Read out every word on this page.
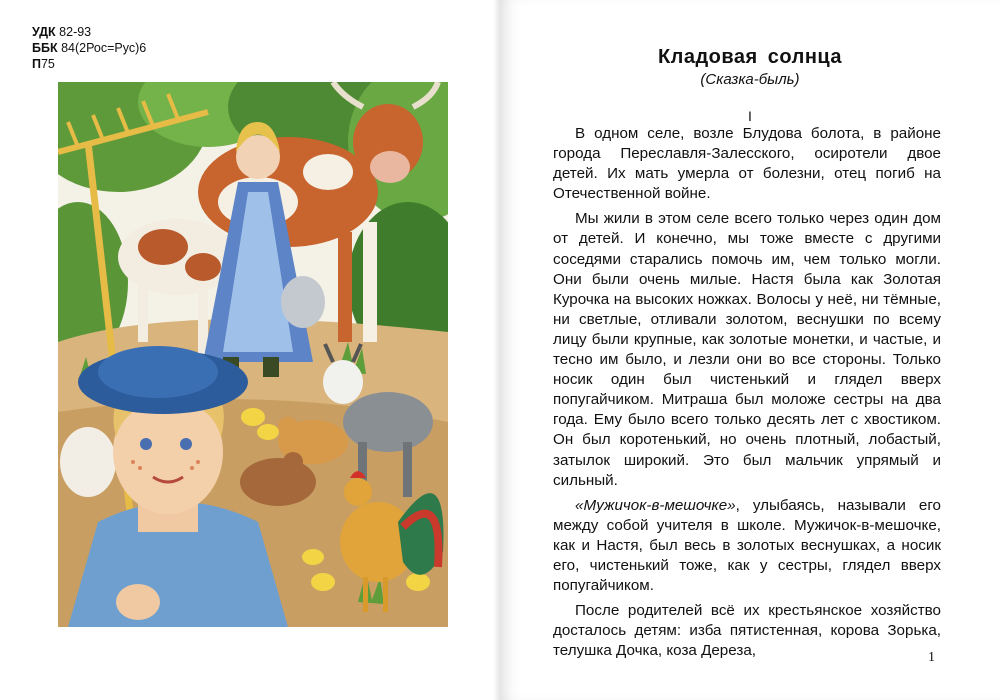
УДК 82-93
ББК 84(2Рос=Рус)6
П75	Кладовая солнца
(Сказка-быль)
I

В одном селе, возле Блудова болота, в районе города Переславля-Залесского, осиротели двое детей. Их мать умерла от болезни, отец погиб на Отечественной войне.

Мы жили в этом селе всего только через один дом от детей. И конечно, мы тоже вместе с другими соседями старались помочь им, чем только могли. Они были очень милые. Настя была как Золотая Курочка на высоких ножках. Волосы у неё, ни тёмные, ни светлые, отливали золотом, веснушки по всему лицу были крупные, как золотые монетки, и частые, и тесно им было, и лезли они во все стороны. Только носик один был чистенький и глядел вверх попугайчиком. Митраша был моложе сестры на два года. Ему было всего только десять лет с хвостиком. Он был коротенький, но очень плотный, лобастый, затылок широкий. Это был мальчик упрямый и сильный.

«Мужичок-в-мешочке», улыбаясь, называли его между собой учителя в школе. Мужичок-в-мешочке, как и Настя, был весь в золотых веснушках, а носик его, чистенький тоже, как у сестры, глядел вверх попугайчиком.

После родителей всё их крестьянское хозяйство досталось детям: изба пятистенная, корова Зорька, телушка Дочка, коза Дереза,	1
